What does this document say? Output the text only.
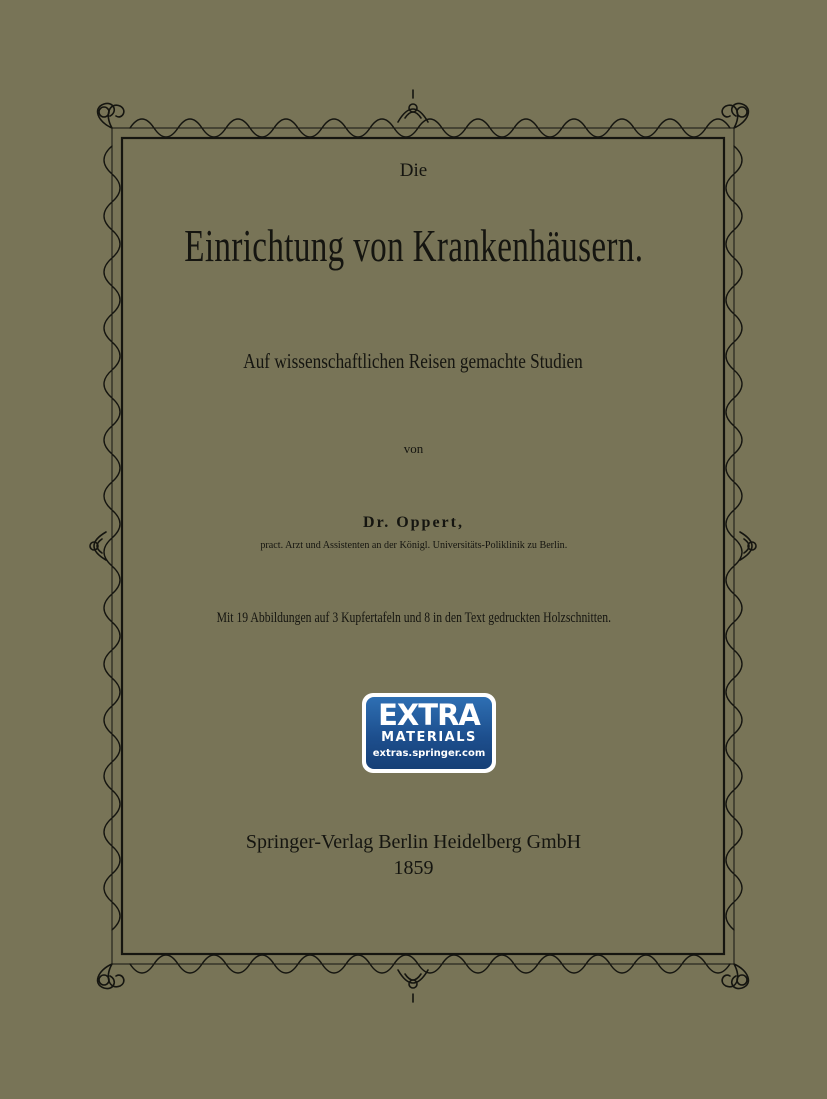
Die
Einrichtung von Krankenhäusern.
Auf wissenschaftlichen Reisen gemachte Studien
von
Dr. Oppert,
pract. Arzt und Assistenten an der Königl. Universitäts-Poliklinik zu Berlin.
Mit 19 Abbildungen auf 3 Kupfertafeln und 8 in den Text gedruckten Holzschnitten.
EXTRA
MATERIALS
extras.springer.com
Springer-Verlag Berlin Heidelberg GmbH
1859
